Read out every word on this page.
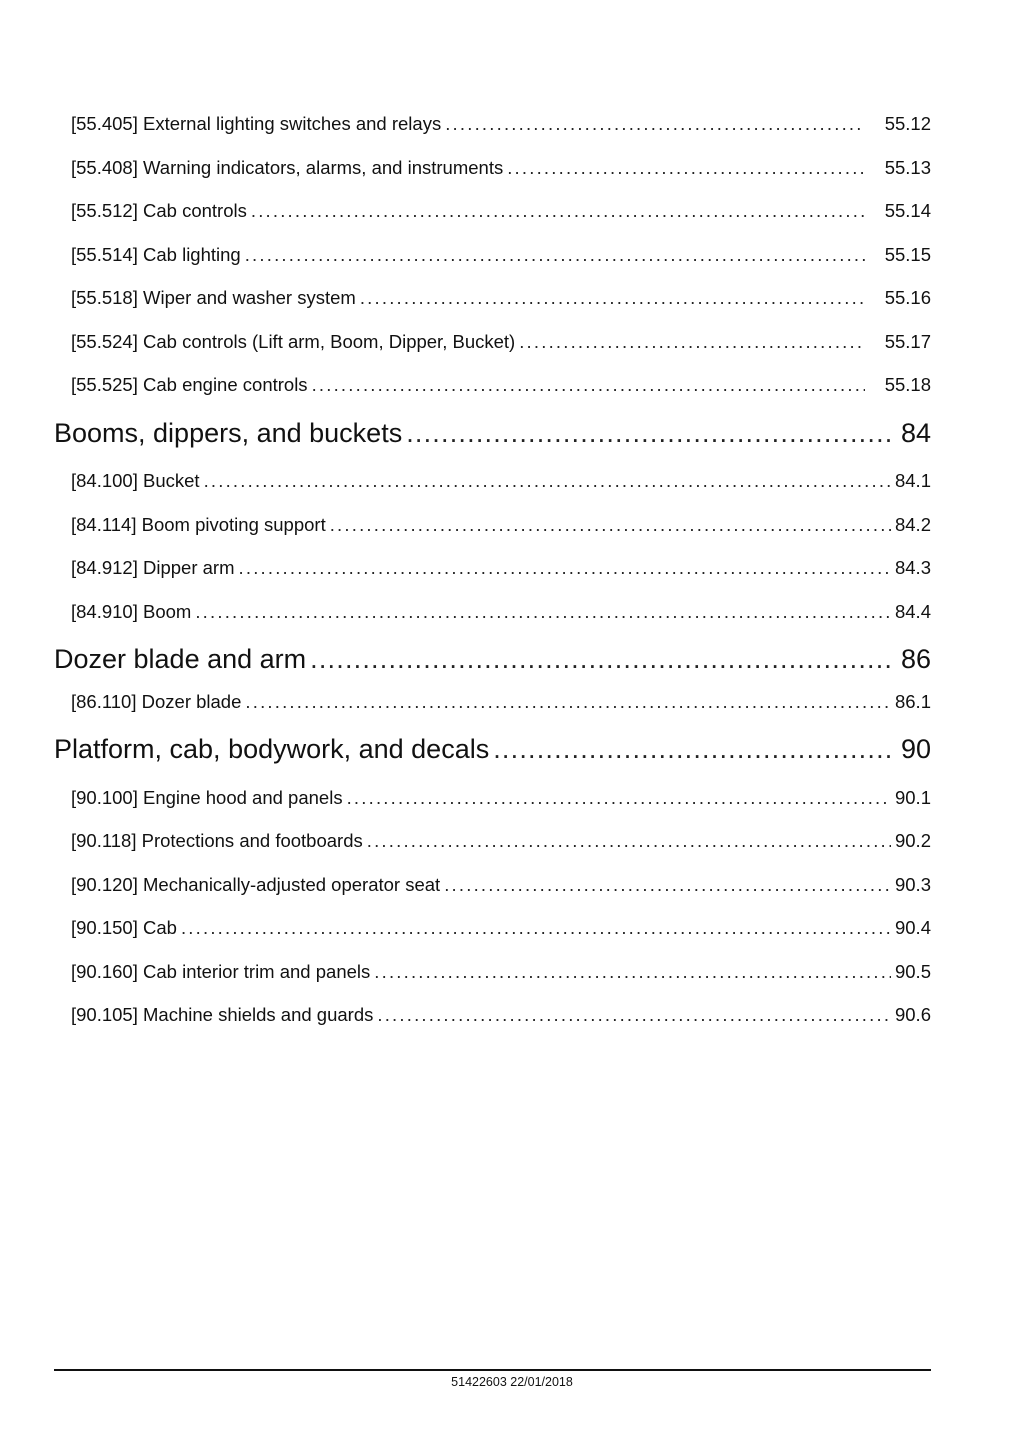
[55.405] External lighting switches and relays .....	55.12
[55.408] Warning indicators, alarms, and instruments .....	55.13
[55.512] Cab controls .....	55.14
[55.514] Cab lighting .....	55.15
[55.518] Wiper and washer system .....	55.16
[55.524] Cab controls (Lift arm, Boom, Dipper, Bucket) .....	55.17
[55.525] Cab engine controls .....	55.18
Booms, dippers, and buckets .....	84
[84.100] Bucket .....	84.1
[84.114] Boom pivoting support .....	84.2
[84.912] Dipper arm .....	84.3
[84.910] Boom .....	84.4
Dozer blade and arm .....	86
[86.110] Dozer blade .....	86.1
Platform, cab, bodywork, and decals .....	90
[90.100] Engine hood and panels .....	90.1
[90.118] Protections and footboards .....	90.2
[90.120] Mechanically-adjusted operator seat .....	90.3
[90.150] Cab .....	90.4
[90.160] Cab interior trim and panels .....	90.5
[90.105] Machine shields and guards .....	90.6
51422603 22/01/2018
